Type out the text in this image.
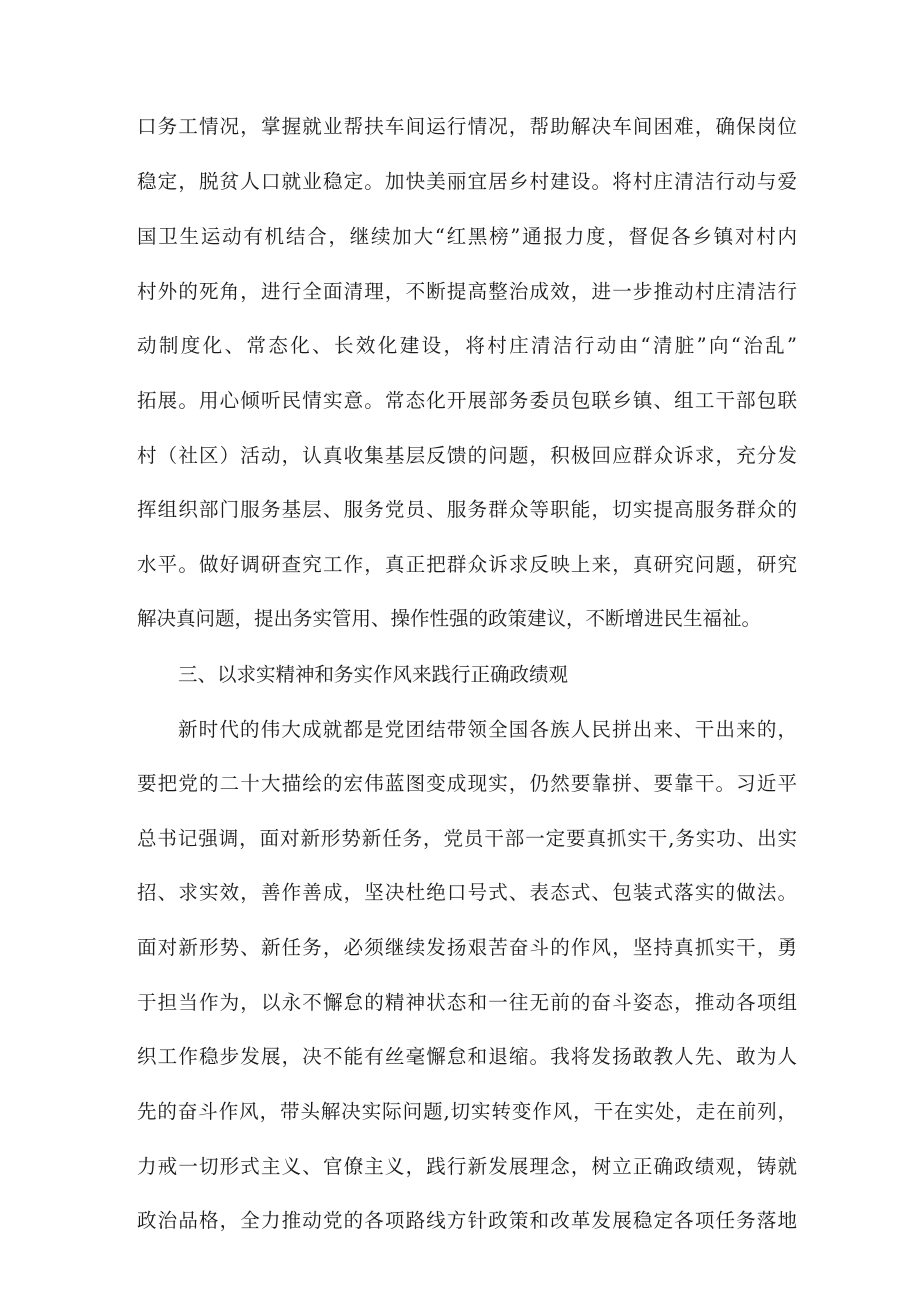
口务工情况，掌握就业帮扶车间运行情况，帮助解决车间困难，确保岗位
稳定，脱贫人口就业稳定。加快美丽宜居乡村建设。将村庄清洁行动与爱
国卫生运动有机结合，继续加大“红黑榜”通报力度，督促各乡镇对村内
村外的死角，进行全面清理，不断提高整治成效，进一步推动村庄清洁行
动制度化、常态化、长效化建设，将村庄清洁行动由“清脏”向“治乱”
拓展。用心倾听民情实意。常态化开展部务委员包联乡镇、组工干部包联
村（社区）活动，认真收集基层反馈的问题，积极回应群众诉求，充分发
挥组织部门服务基层、服务党员、服务群众等职能，切实提高服务群众的
水平。做好调研查究工作，真正把群众诉求反映上来，真研究问题，研究
解决真问题，提出务实管用、操作性强的政策建议，不断增进民生福祉。
三、以求实精神和务实作风来践行正确政绩观
新时代的伟大成就都是党团结带领全国各族人民拼出来、干出来的，
要把党的二十大描绘的宏伟蓝图变成现实，仍然要靠拼、要靠干。习近平
总书记强调，面对新形势新任务，党员干部一定要真抓实干,务实功、出实
招、求实效，善作善成，坚决杜绝口号式、表态式、包装式落实的做法。
面对新形势、新任务，必须继续发扬艰苦奋斗的作风，坚持真抓实干，勇
于担当作为，以永不懈怠的精神状态和一往无前的奋斗姿态，推动各项组
织工作稳步发展，决不能有丝毫懈怠和退缩。我将发扬敢教人先、敢为人
先的奋斗作风，带头解决实际问题,切实转变作风，干在实处，走在前列，
力戒一切形式主义、官僚主义，践行新发展理念，树立正确政绩观，铸就
政治品格，全力推动党的各项路线方针政策和改革发展稳定各项任务落地
